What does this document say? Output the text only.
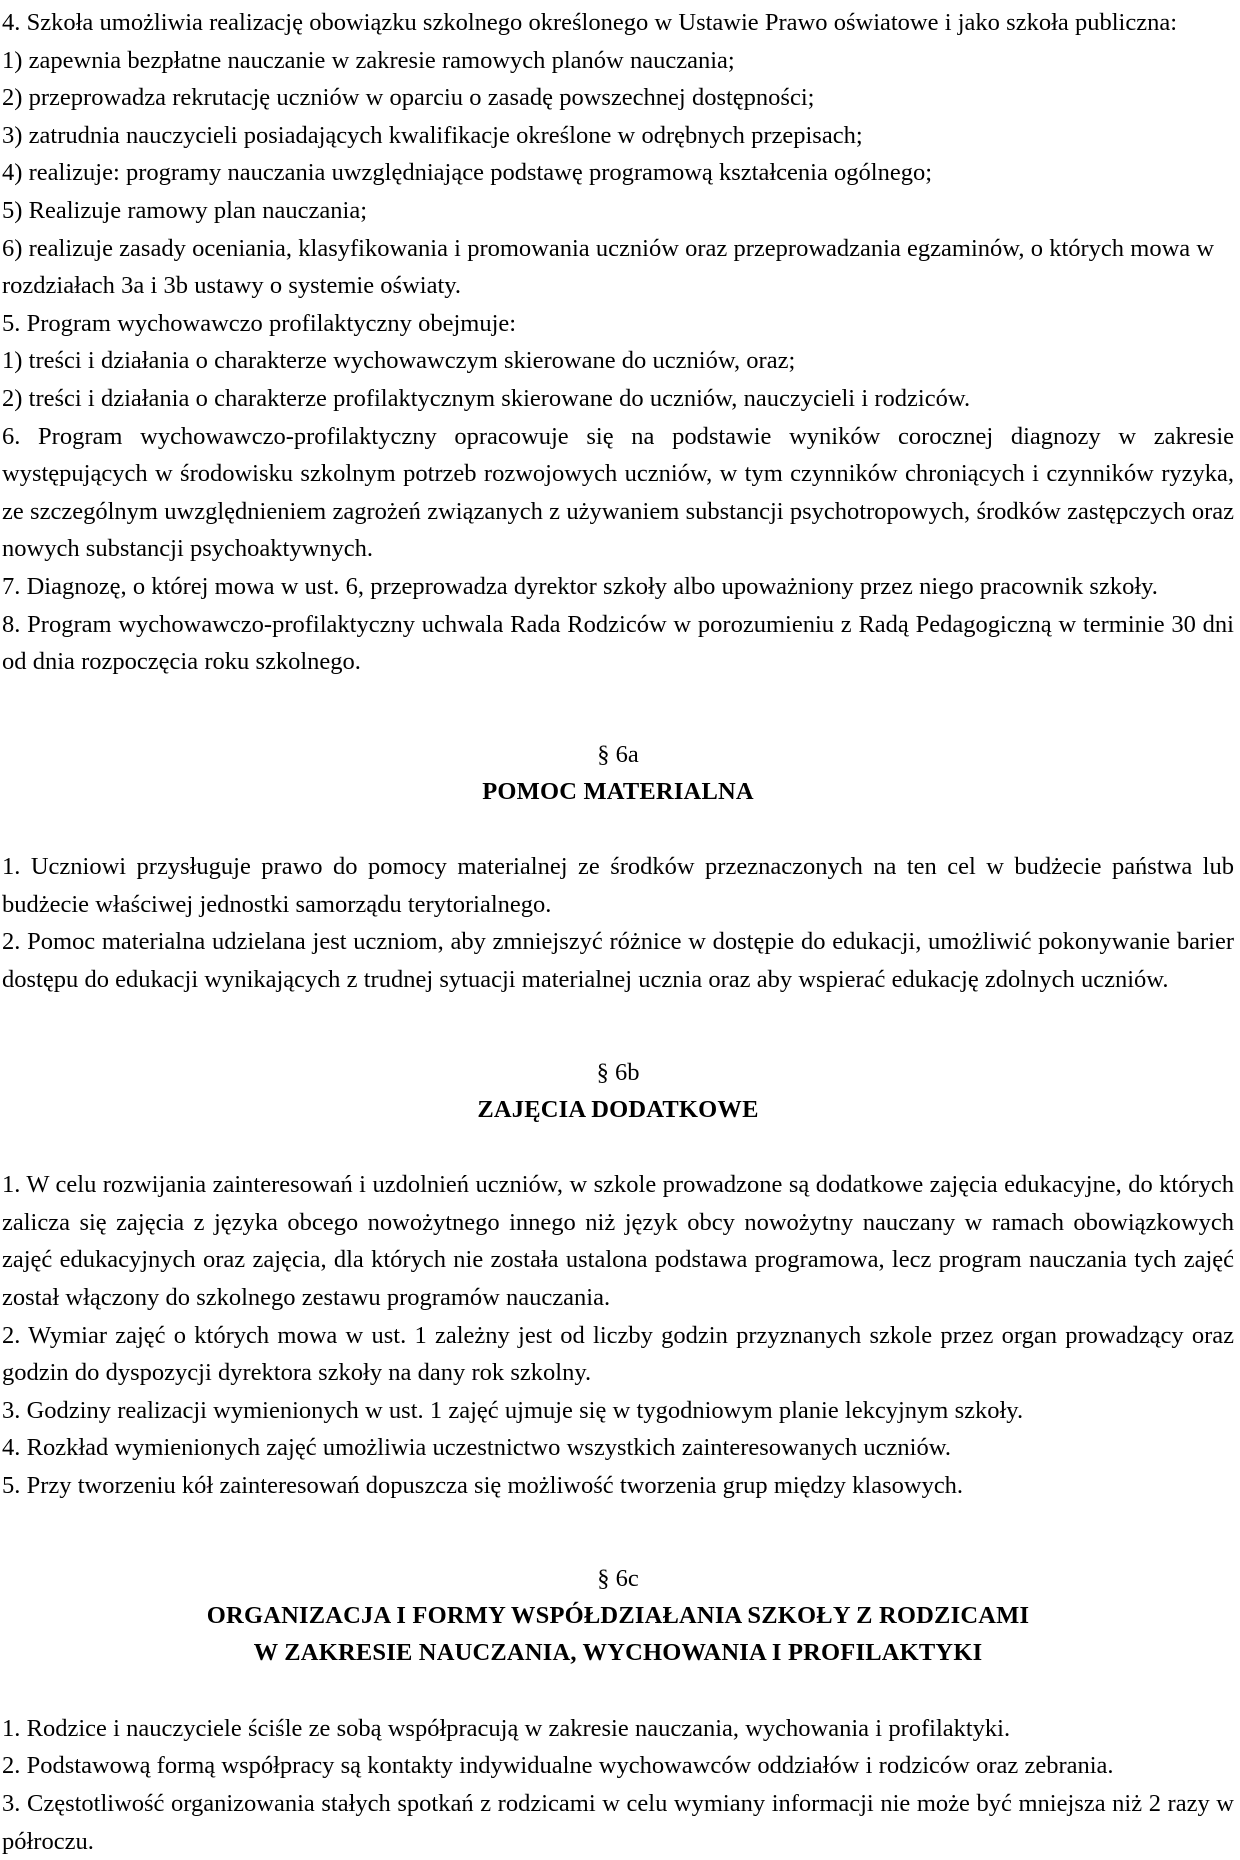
4. Szkoła umożliwia realizację obowiązku szkolnego określonego w Ustawie Prawo oświatowe i jako szkoła publiczna:

1) zapewnia bezpłatne nauczanie w zakresie ramowych planów nauczania;

2) przeprowadza rekrutację uczniów w oparciu o zasadę powszechnej dostępności;

3) zatrudnia nauczycieli posiadających kwalifikacje określone w odrębnych przepisach;

4) realizuje: programy nauczania uwzględniające podstawę programową kształcenia ogólnego;

5) Realizuje ramowy plan nauczania;

6) realizuje zasady oceniania, klasyfikowania i promowania uczniów oraz przeprowadzania egzaminów, o których mowa w rozdziałach 3a i 3b ustawy o systemie oświaty.

5. Program wychowawczo profilaktyczny obejmuje:

1) treści i działania o charakterze wychowawczym skierowane do uczniów, oraz;

2) treści i działania o charakterze profilaktycznym skierowane do uczniów, nauczycieli i rodziców.

6. Program wychowawczo-profilaktyczny opracowuje się na podstawie wyników corocznej diagnozy w zakresie występujących w środowisku szkolnym potrzeb rozwojowych uczniów, w tym czynników chroniących i czynników ryzyka, ze szczególnym uwzględnieniem zagrożeń związanych z używaniem substancji psychotropowych, środków zastępczych oraz nowych substancji psychoaktywnych.

7. Diagnozę, o której mowa w ust. 6, przeprowadza dyrektor szkoły albo upoważniony przez niego pracownik szkoły.

8. Program wychowawczo-profilaktyczny uchwala Rada Rodziców w porozumieniu z Radą Pedagogiczną w terminie 30 dni od dnia rozpoczęcia roku szkolnego.

§ 6a

POMOC MATERIALNA

1. Uczniowi przysługuje prawo do pomocy materialnej ze środków przeznaczonych na ten cel w budżecie państwa lub budżecie właściwej jednostki samorządu terytorialnego.

2. Pomoc materialna udzielana jest uczniom, aby zmniejszyć różnice w dostępie do edukacji, umożliwić pokonywanie barier dostępu do edukacji wynikających z trudnej sytuacji materialnej ucznia oraz aby wspierać edukację zdolnych uczniów.

§ 6b

ZAJĘCIA DODATKOWE

1. W celu rozwijania zainteresowań i uzdolnień uczniów, w szkole prowadzone są dodatkowe zajęcia edukacyjne, do których zalicza się zajęcia z języka obcego nowożytnego innego niż język obcy nowożytny nauczany w ramach obowiązkowych zajęć edukacyjnych oraz zajęcia, dla których nie została ustalona podstawa programowa, lecz program nauczania tych zajęć został włączony do szkolnego zestawu programów nauczania.

2. Wymiar zajęć o których mowa w ust. 1 zależny jest od liczby godzin przyznanych szkole przez organ prowadzący oraz godzin do dyspozycji dyrektora szkoły na dany rok szkolny.

3. Godziny realizacji wymienionych w ust. 1 zajęć ujmuje się w tygodniowym planie lekcyjnym szkoły.

4. Rozkład wymienionych zajęć umożliwia uczestnictwo wszystkich zainteresowanych uczniów.

5. Przy tworzeniu kół zainteresowań dopuszcza się możliwość tworzenia grup między klasowych.

§ 6c

ORGANIZACJA I FORMY WSPÓŁDZIAŁANIA SZKOŁY Z RODZICAMI

W ZAKRESIE NAUCZANIA, WYCHOWANIA I PROFILAKTYKI

1. Rodzice i nauczyciele ściśle ze sobą współpracują w zakresie nauczania, wychowania i profilaktyki.

2. Podstawową formą współpracy są kontakty indywidualne wychowawców oddziałów i rodziców oraz zebrania.

3. Częstotliwość organizowania stałych spotkań z rodzicami w celu wymiany informacji nie może być mniejsza niż 2 razy w półroczu.
